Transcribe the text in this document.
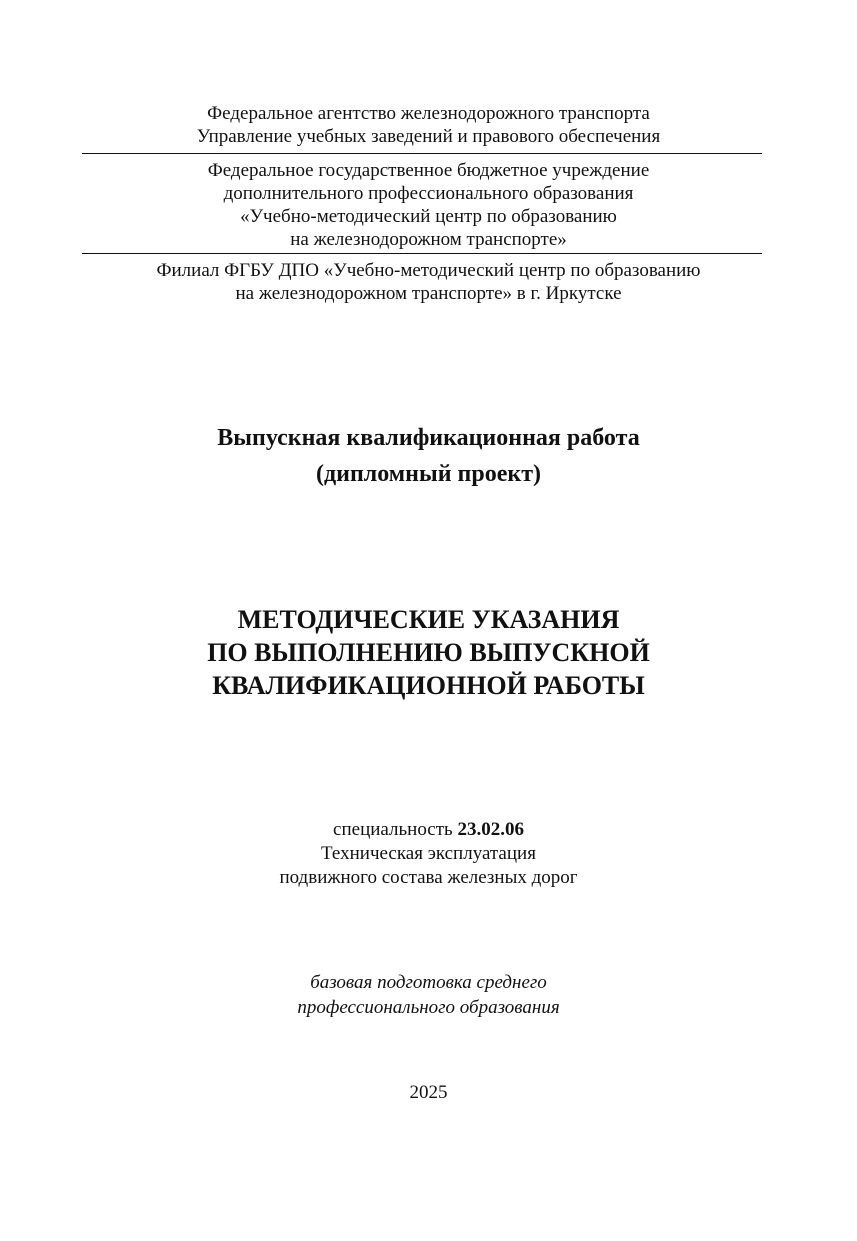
Федеральное агентство железнодорожного транспорта
Управление учебных заведений и правового обеспечения
Федеральное государственное бюджетное учреждение
дополнительного профессионального образования
«Учебно-методический центр по образованию
на железнодорожном транспорте»
Филиал ФГБУ ДПО «Учебно-методический центр по образованию
на железнодорожном транспорте» в г. Иркутске
Выпускная квалификационная работа
(дипломный проект)
МЕТОДИЧЕСКИЕ УКАЗАНИЯ
ПО ВЫПОЛНЕНИЮ ВЫПУСКНОЙ
КВАЛИФИКАЦИОННОЙ РАБОТЫ
специальность 23.02.06
Техническая эксплуатация
подвижного состава железных дорог
базовая подготовка среднего
профессионального образования
2025
